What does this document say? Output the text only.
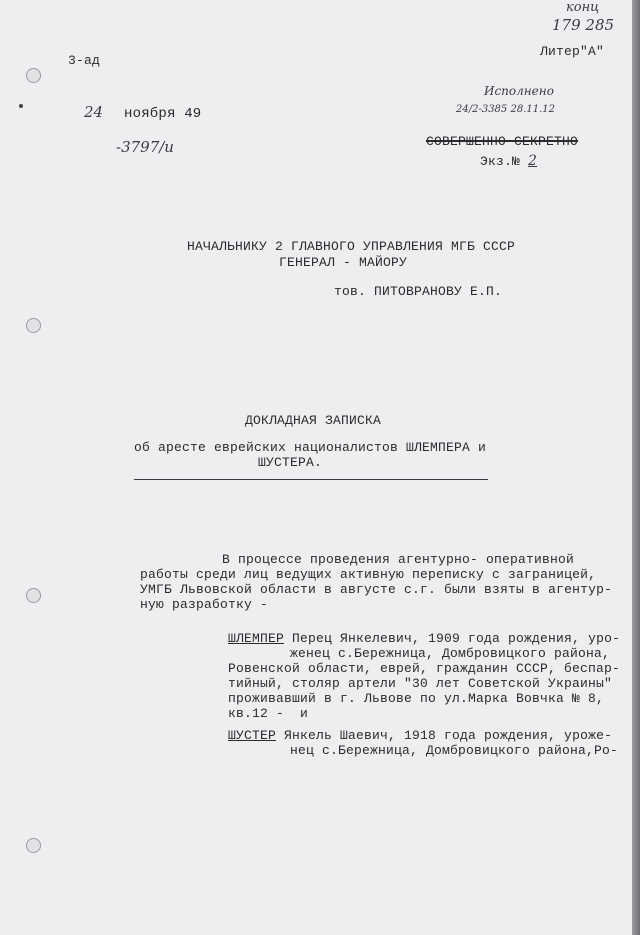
конц
179 285
3-ад
Литер"А"
24 ноября 49
-3797/и
Исполнено
24/2-3385 28.11.12
СОВЕРШЕННО СЕКРЕТНО
Экз.№ 2
НАЧАЛЬНИКУ 2 ГЛАВНОГО УПРАВЛЕНИЯ МГБ СССР
ГЕНЕРАЛ - МАЙОРУ
тов. ПИТОВРАНОВУ Е.П.
ДОКЛАДНАЯ ЗАПИСКА
об аресте еврейских националистов ШЛЕМПЕРА и
ШУСТЕРА.
В процессе проведения агентурно- оперативной
работы среди лиц ведущих активную переписку с заграницей,
УМГБ Львовской области в августе с.г. были взяты в агентур-
ную разработку -
ШЛЕМПЕР Перец Янкелевич, 1909 года рождения, уро-
женец с.Бережница, Домбровицкого района,
Ровенской области, еврей, гражданин СССР, беспар-
тийный, столяр артели "30 лет Советской Украины"
проживавший в г. Львове по ул.Марка Вовчка № 8,
кв.12 -  и
ШУСТЕР Янкель Шаевич, 1918 года рождения, уроже-
нец с.Бережница, Домбровицкого района,Ро-
